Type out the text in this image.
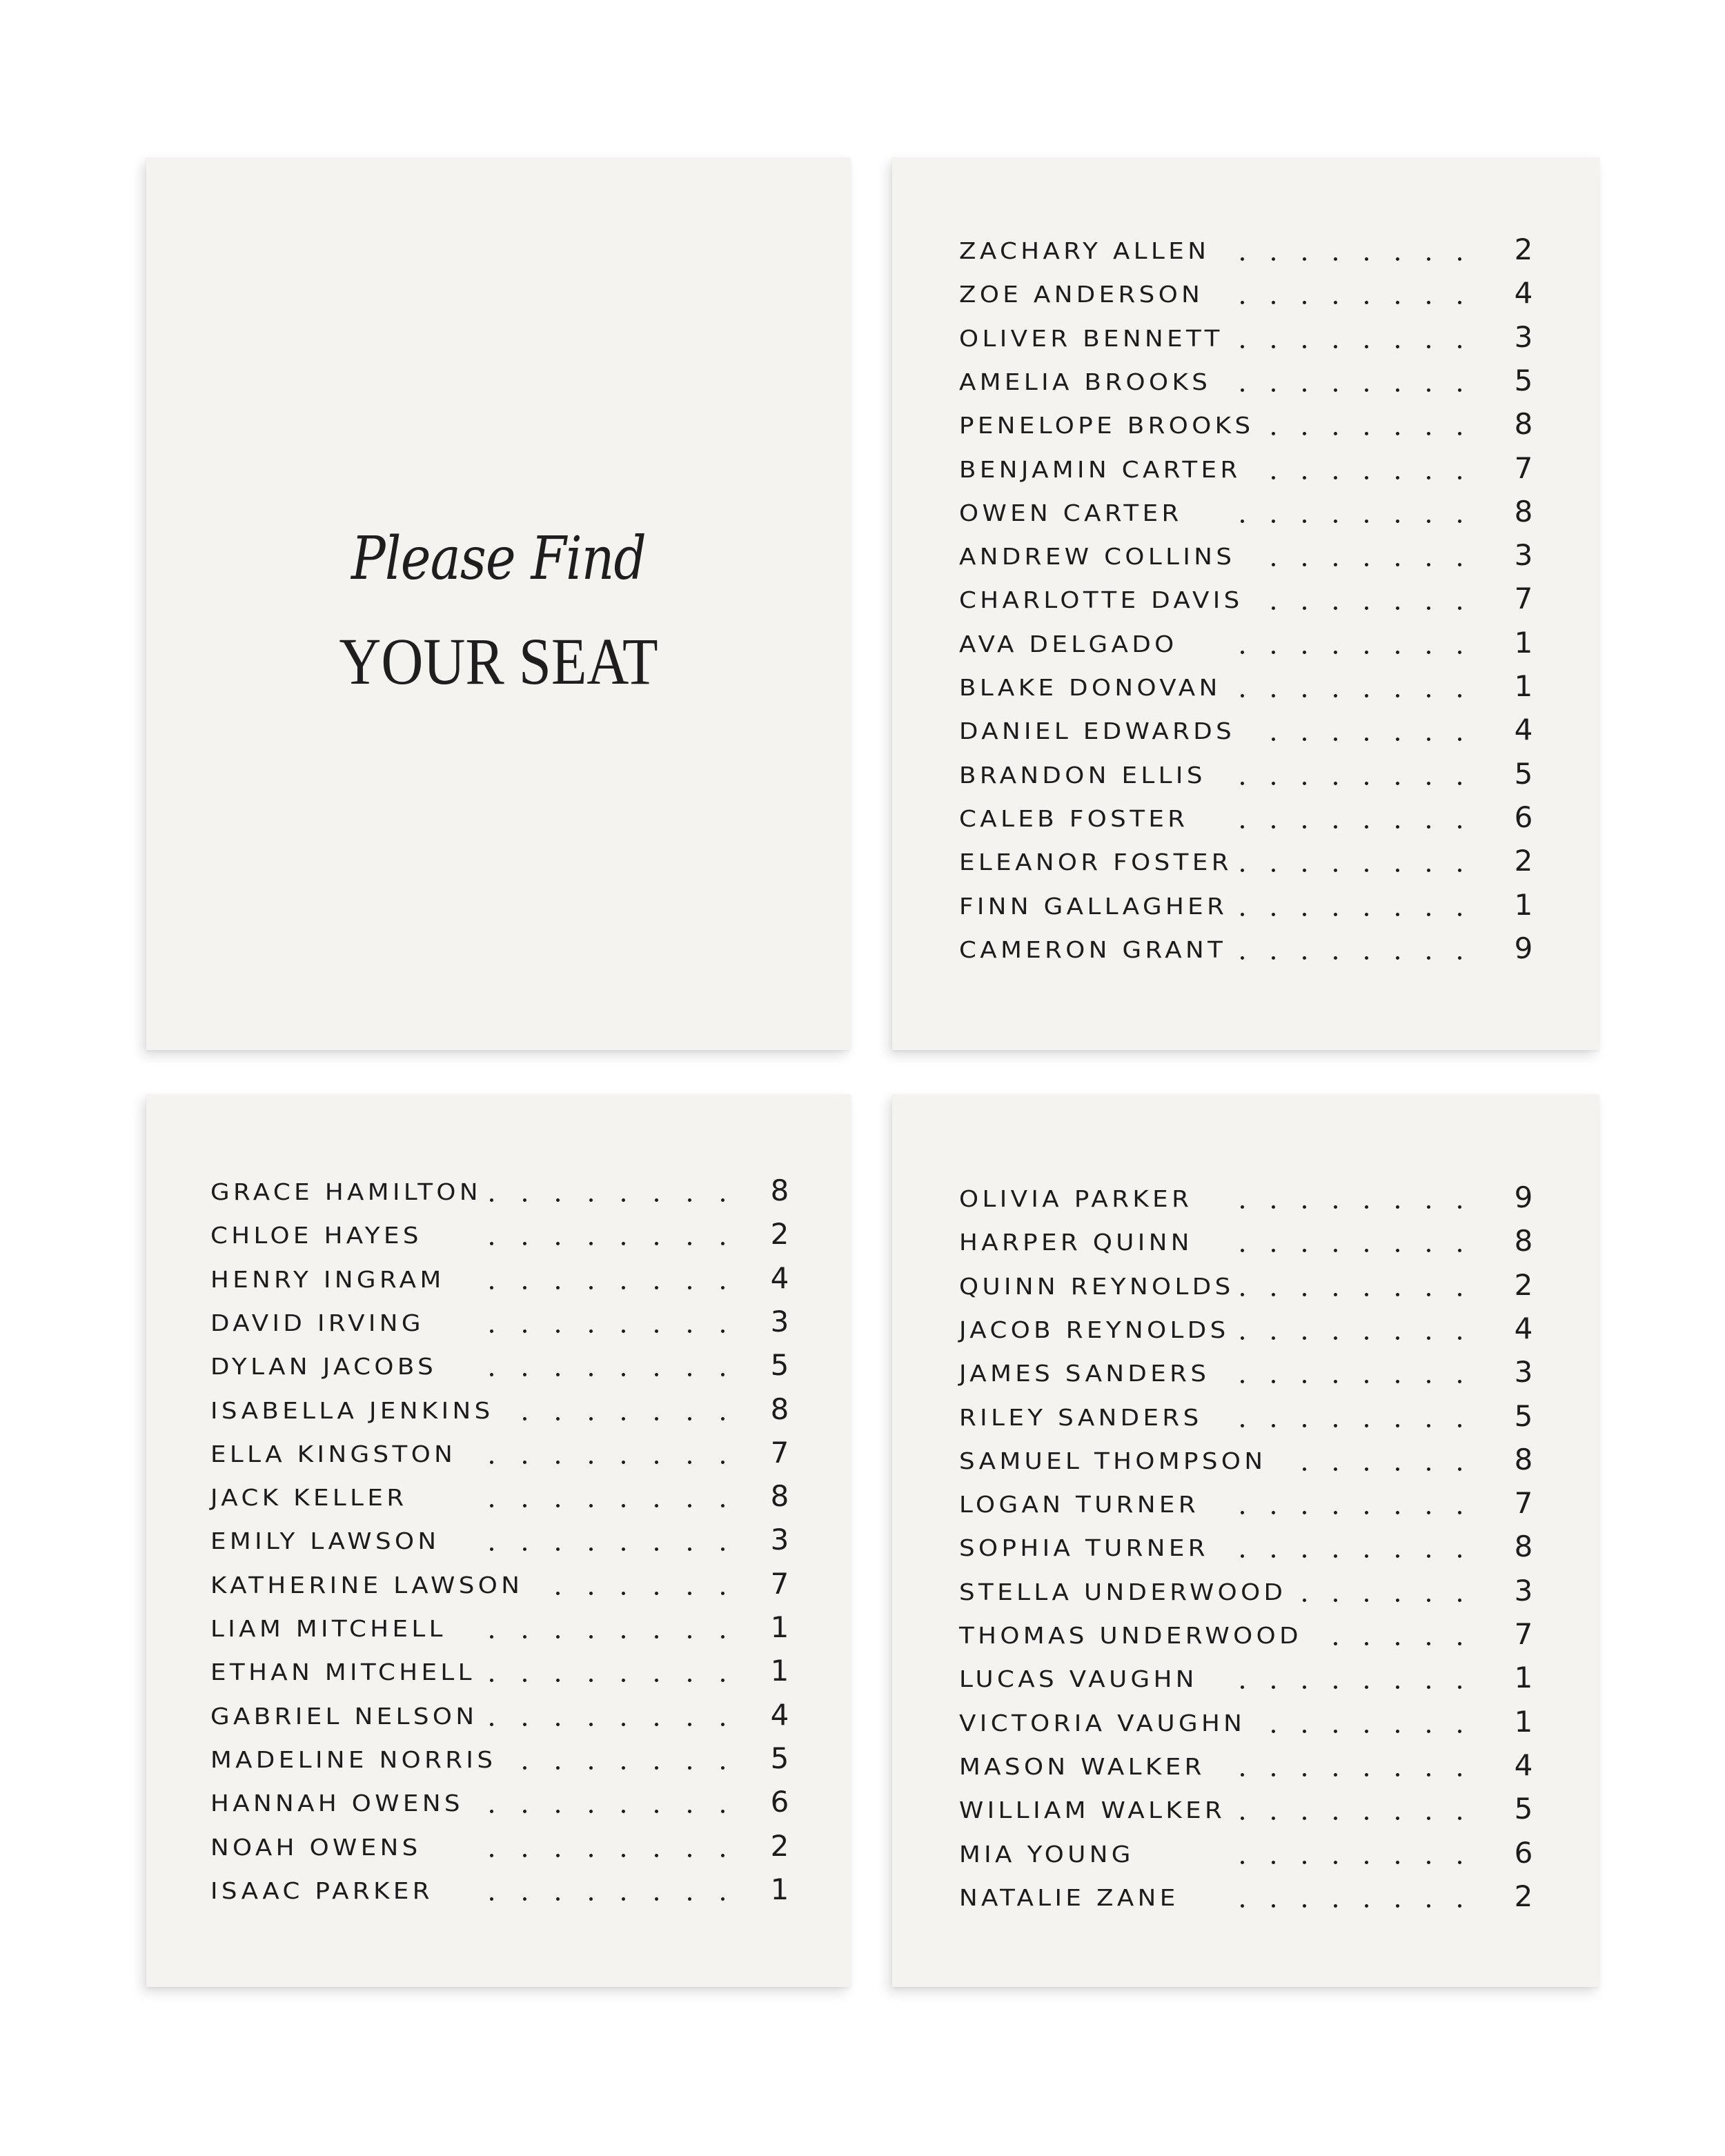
Please Find
YOUR SEAT
ZACHARY ALLEN	2
ZOE ANDERSON	4
OLIVER BENNETT	3
AMELIA BROOKS	5
PENELOPE BROOKS	8
BENJAMIN CARTER	7
OWEN CARTER	8
ANDREW COLLINS	3
CHARLOTTE DAVIS	7
AVA DELGADO	1
BLAKE DONOVAN	1
DANIEL EDWARDS	4
BRANDON ELLIS	5
CALEB FOSTER	6
ELEANOR FOSTER	2
FINN GALLAGHER	1
CAMERON GRANT	9
GRACE HAMILTON	8
CHLOE HAYES	2
HENRY INGRAM	4
DAVID IRVING	3
DYLAN JACOBS	5
ISABELLA JENKINS	8
ELLA KINGSTON	7
JACK KELLER	8
EMILY LAWSON	3
KATHERINE LAWSON	7
LIAM MITCHELL	1
ETHAN MITCHELL	1
GABRIEL NELSON	4
MADELINE NORRIS	5
HANNAH OWENS	6
NOAH OWENS	2
ISAAC PARKER	1
OLIVIA PARKER	9
HARPER QUINN	8
QUINN REYNOLDS	2
JACOB REYNOLDS	4
JAMES SANDERS	3
RILEY SANDERS	5
SAMUEL THOMPSON	8
LOGAN TURNER	7
SOPHIA TURNER	8
STELLA UNDERWOOD	3
THOMAS UNDERWOOD	7
LUCAS VAUGHN	1
VICTORIA VAUGHN	1
MASON WALKER	4
WILLIAM WALKER	5
MIA YOUNG	6
NATALIE ZANE	2
